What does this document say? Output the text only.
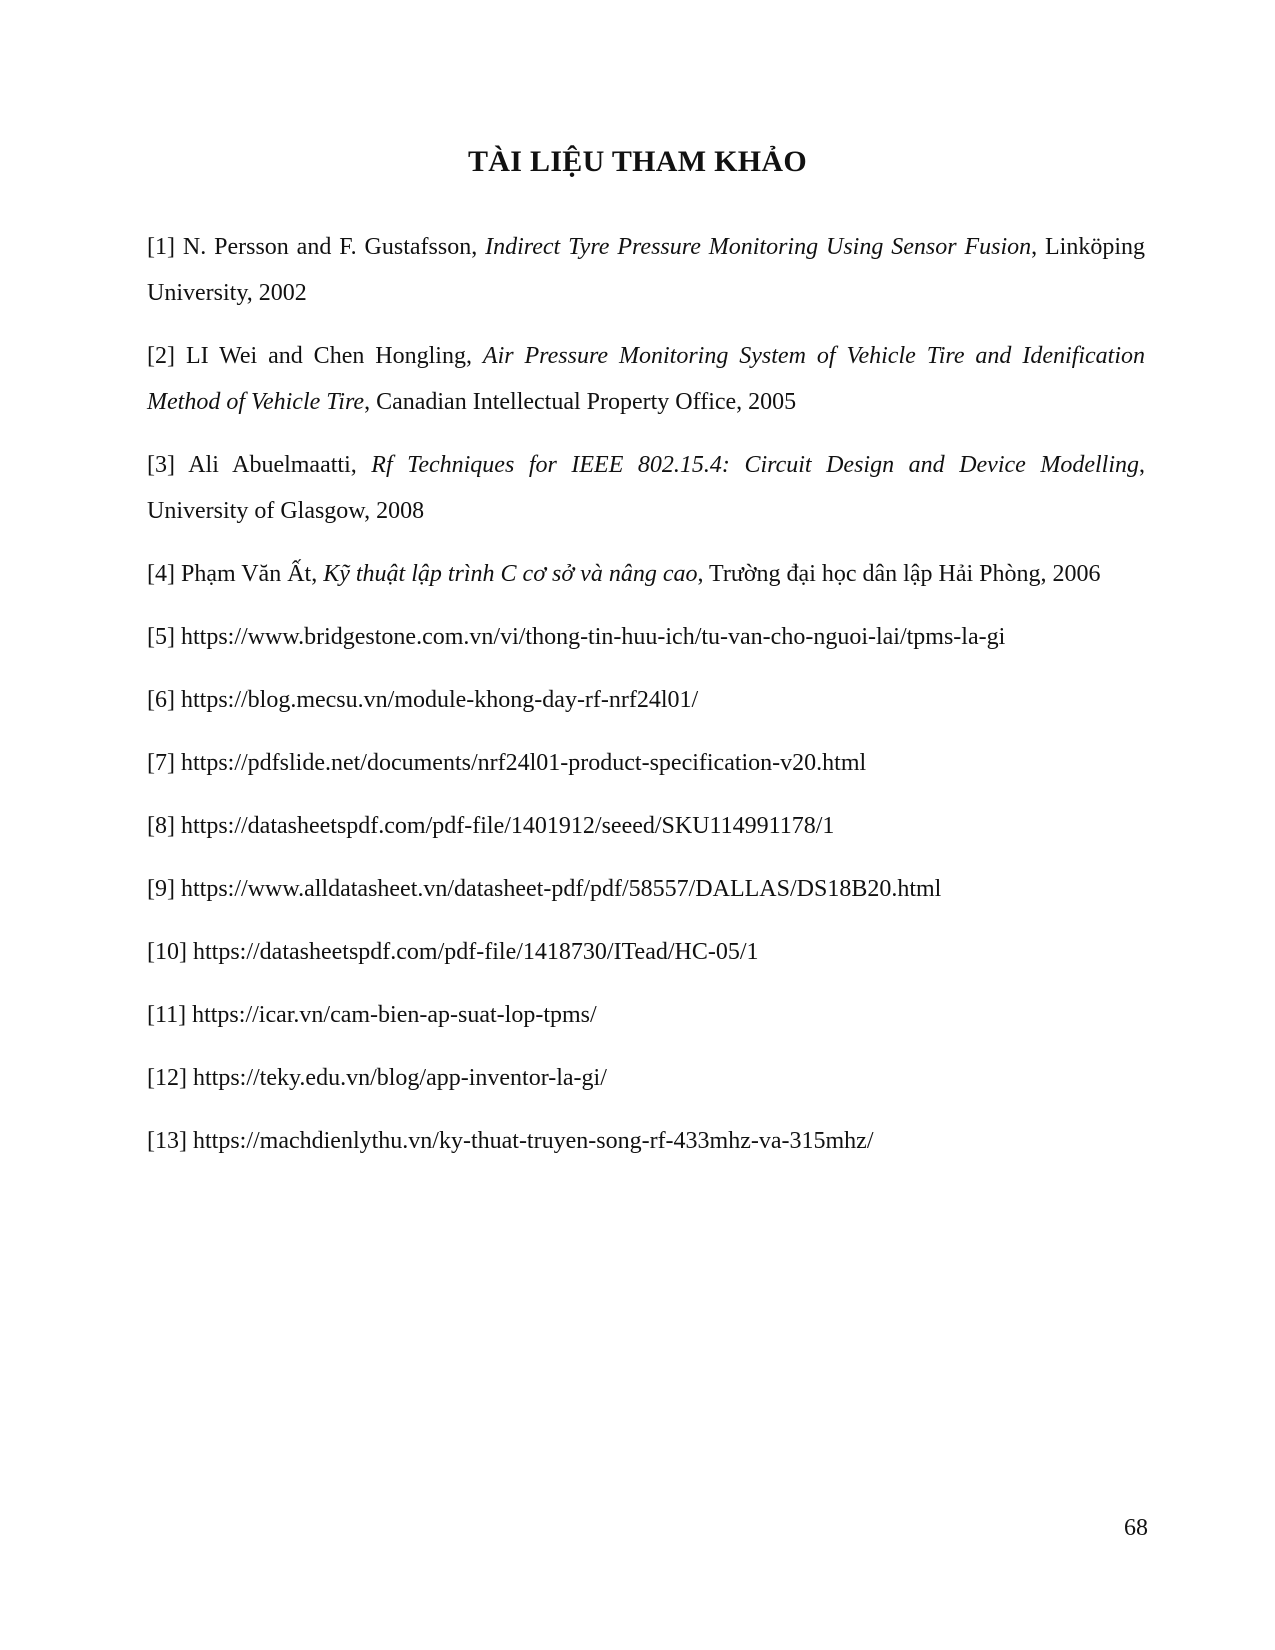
TÀI LIỆU THAM KHẢO

[1] N. Persson and F. Gustafsson, Indirect Tyre Pressure Monitoring Using Sensor Fusion, Linköping University, 2002

[2] LI Wei and Chen Hongling, Air Pressure Monitoring System of Vehicle Tire and Idenification Method of Vehicle Tire, Canadian Intellectual Property Office, 2005

[3] Ali Abuelmaatti, Rf Techniques for IEEE 802.15.4: Circuit Design and Device Modelling, University of Glasgow, 2008

[4] Phạm Văn Ất, Kỹ thuật lập trình C cơ sở và nâng cao, Trường đại học dân lập Hải Phòng, 2006

[5] https://www.bridgestone.com.vn/vi/thong-tin-huu-ich/tu-van-cho-nguoi-lai/tpms-la-gi

[6] https://blog.mecsu.vn/module-khong-day-rf-nrf24l01/

[7] https://pdfslide.net/documents/nrf24l01-product-specification-v20.html

[8] https://datasheetspdf.com/pdf-file/1401912/seeed/SKU114991178/1

[9] https://www.alldatasheet.vn/datasheet-pdf/pdf/58557/DALLAS/DS18B20.html

[10] https://datasheetspdf.com/pdf-file/1418730/ITead/HC-05/1

[11] https://icar.vn/cam-bien-ap-suat-lop-tpms/

[12] https://teky.edu.vn/blog/app-inventor-la-gi/

[13] https://machdienlythu.vn/ky-thuat-truyen-song-rf-433mhz-va-315mhz/

68
